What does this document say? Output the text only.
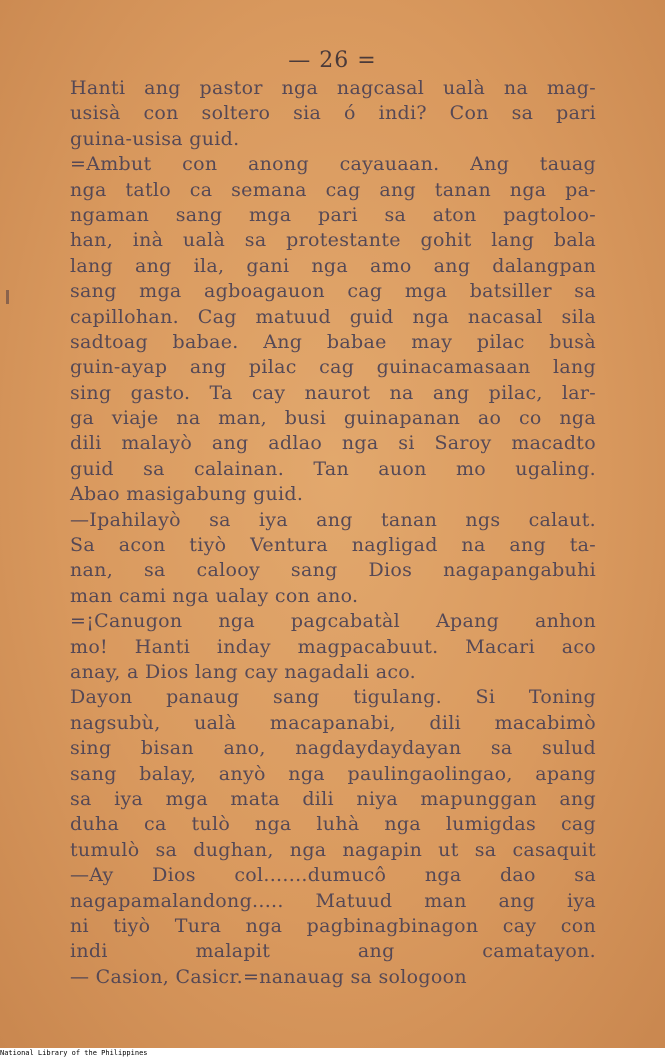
— 26 =
Hanti ang pastor nga nagcasal ualà na mag-
usisà con soltero sia ó indi? Con sa pari
guina-usisa guid.
=Ambut con anong cayauaan. Ang tauag
nga tatlo ca semana cag ang tanan nga pa-
ngaman sang mga pari sa aton pagtoloo-
han, inà ualà sa protestante gohit lang bala
lang ang ila, gani nga amo ang dalangpan
sang mga agboagauon cag mga batsiller sa
capillohan. Cag matuud guid nga nacasal sila
sadtoag babae. Ang babae may pilac busà
guin-ayap ang pilac cag guinacamasaan lang
sing gasto. Ta cay naurot na ang pilac, lar-
ga viaje na man, busi guinapanan ao co nga
dili malayò ang adlao nga si Saroy macadto
guid sa calainan. Tan auon mo ugaling.
Abao masigabung guid.
—Ipahilayò sa iya ang tanan ngs calaut.
Sa acon tiyò Ventura nagligad na ang ta-
nan, sa calooy sang Dios nagapangabuhi
man cami nga ualay con ano.
=¡Canugon nga pagcabatàl Apang anhon
mo! Hanti inday magpacabuut. Macari aco
anay, a Dios lang cay nagadali aco.
Dayon panaug sang tigulang. Si Toning
nagsubù, ualà macapanabi, dili macabimò
sing bisan ano, nagdaydaydayan sa sulud
sang balay, anyò nga paulingaolingao, apang
sa iya mga mata dili niya mapunggan ang
duha ca tulò nga luhà nga lumigdas cag
tumulò sa dughan, nga nagapin ut sa casaquit
—Ay Dios col.......dumucô nga dao sa
nagapamalandong..... Matuud man ang iya
ni tiyò Tura nga pagbinagbinagon cay con
indi malapit ang camatayon.
— Casion, Casicr.=nanauag sa sologoon
National Library of the Philippines
